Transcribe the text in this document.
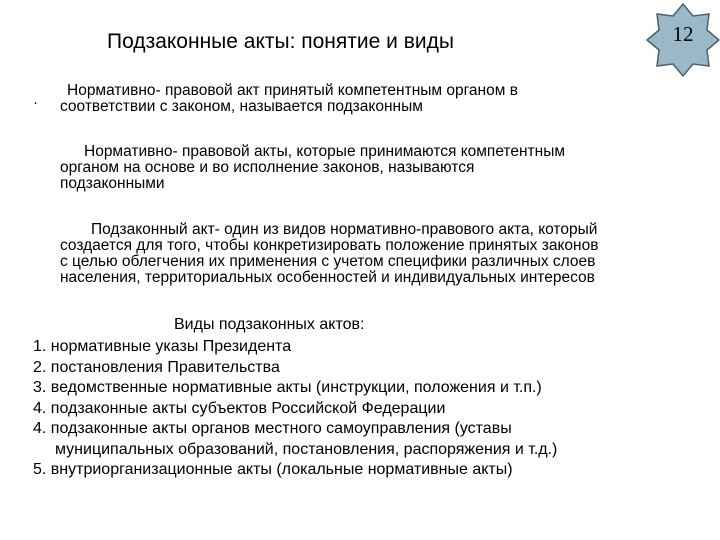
Подзаконные акты: понятие и виды	12
·
Нормативно- правовой акт принятый компетентным органом в
соответствии с законом, называется подзаконным
Нормативно- правовой акты, которые принимаются компетентным
органом на основе и во исполнение законов, называются
подзаконными
Подзаконный акт- один из видов нормативно-правового акта, который
создается для того, чтобы конкретизировать положение принятых законов
с целью облегчения их применения с учетом специфики различных слоев
населения, территориальных особенностей и индивидуальных интересов
Виды подзаконных актов:
1. нормативные указы Президента
2. постановления Правительства
3. ведомственные нормативные акты (инструкции, положения и т.п.)
4. подзаконные акты субъектов Российской Федерации
4. подзаконные акты органов местного самоуправления (уставы
муниципальных образований, постановления, распоряжения и т.д.)
5. внутриорганизационные акты (локальные нормативные акты)
